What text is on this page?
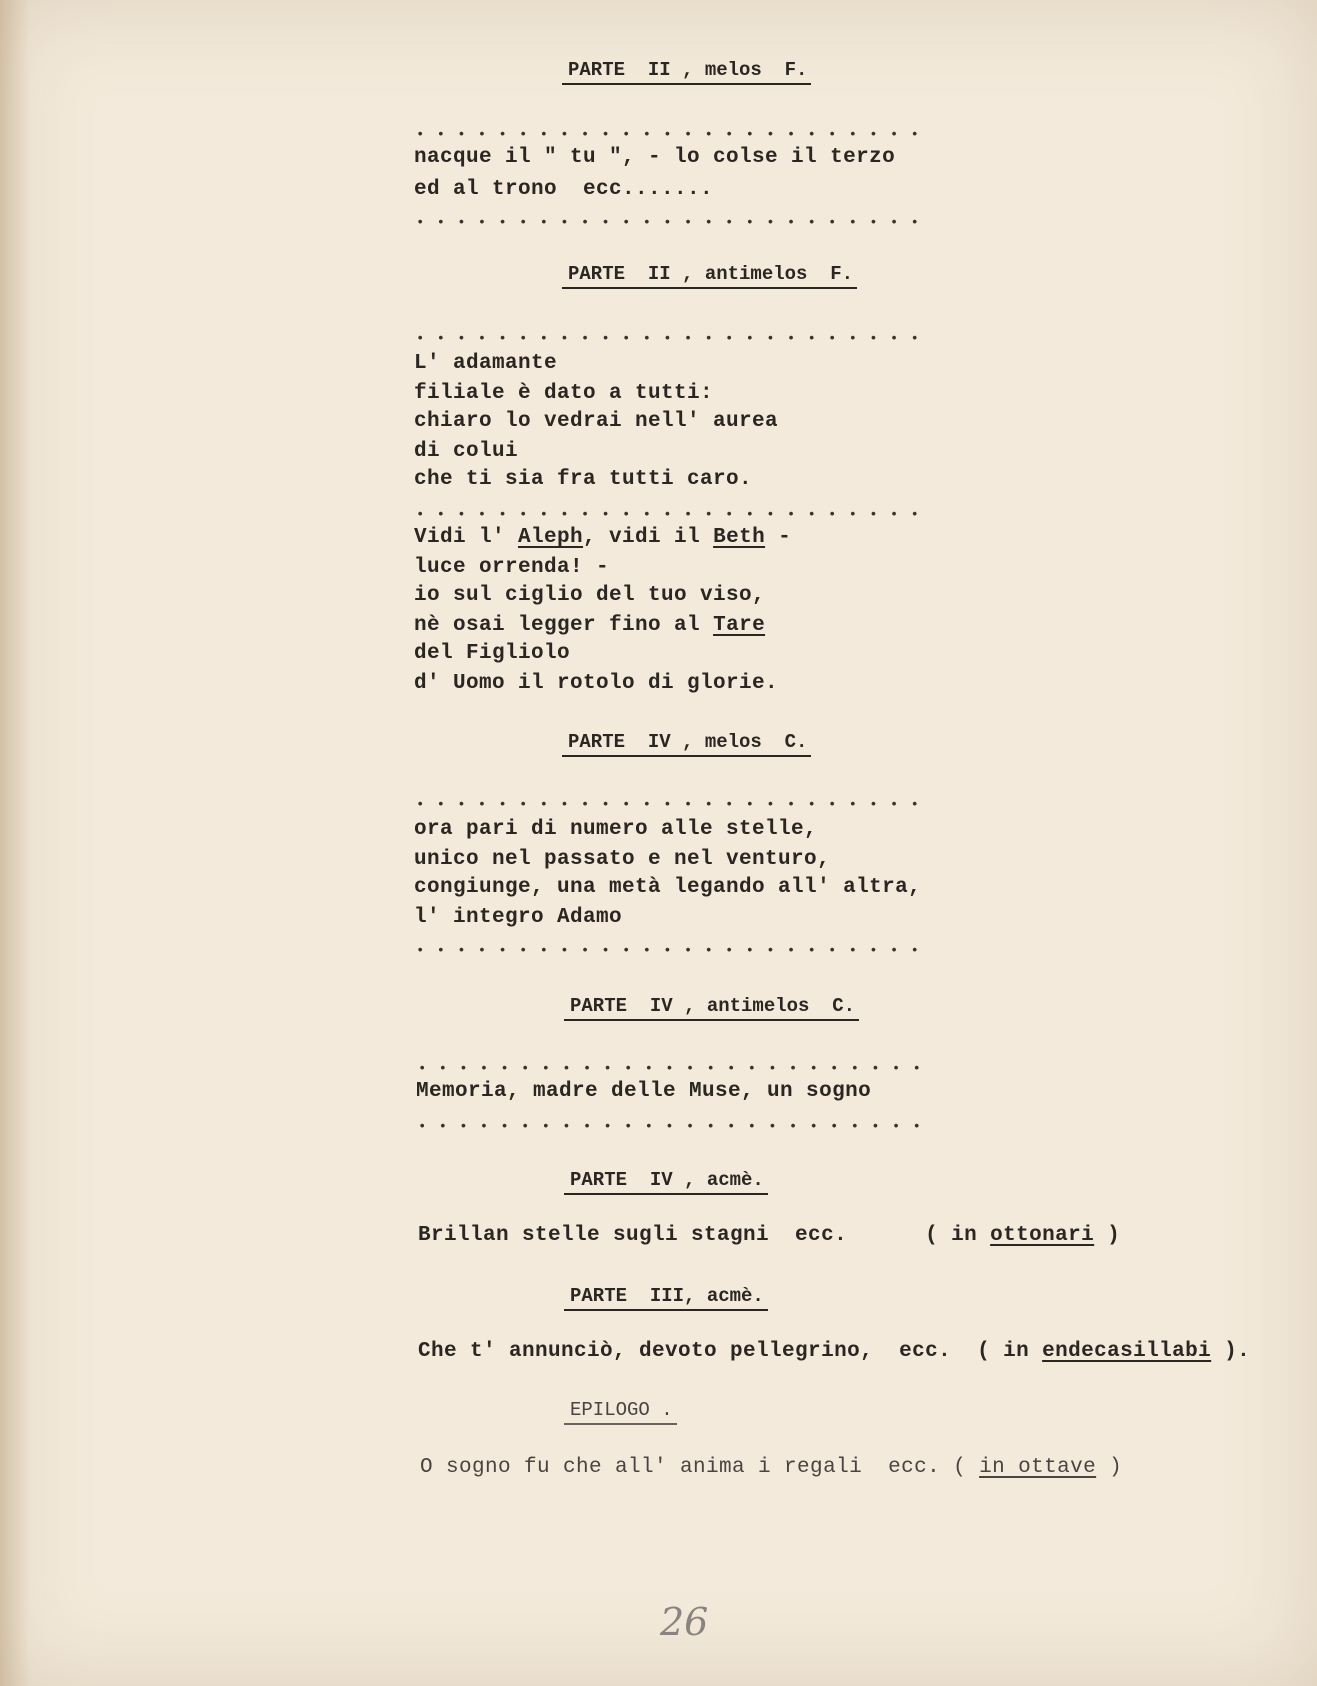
PARTE  II , melos  F.
• • • • • • • • • • • • • • • • • • • • • • • • •
nacque il " tu ", - lo colse il terzo
ed al trono  ecc.......
• • • • • • • • • • • • • • • • • • • • • • • • •
PARTE  II , antimelos  F.
• • • • • • • • • • • • • • • • • • • • • • • • •
L' adamante
filiale è dato a tutti:
chiaro lo vedrai nell' aurea
di colui
che ti sia fra tutti caro.
• • • • • • • • • • • • • • • • • • • • • • • • •
Vidi l' Aleph, vidi il Beth -
luce orrenda! -
io sul ciglio del tuo viso,
nè osai legger fino al Tare
del Figliolo
d' Uomo il rotolo di glorie.
PARTE  IV , melos  C.
• • • • • • • • • • • • • • • • • • • • • • • • •
ora pari di numero alle stelle,
unico nel passato e nel venturo,
congiunge, una metà legando all' altra,
l' integro Adamo
• • • • • • • • • • • • • • • • • • • • • • • • •
PARTE  IV , antimelos  C.
• • • • • • • • • • • • • • • • • • • • • • • • •
Memoria, madre delle Muse, un sogno
• • • • • • • • • • • • • • • • • • • • • • • • •
PARTE  IV , acmè.
Brillan stelle sugli stagni  ecc.	( in ottonari )
PARTE  III, acmè.
Che t' annunciò, devoto pellegrino,  ecc. ( in endecasillabi ).
EPILOGO .
O sogno fu che all' anima i regali  ecc. ( in ottave )
26
